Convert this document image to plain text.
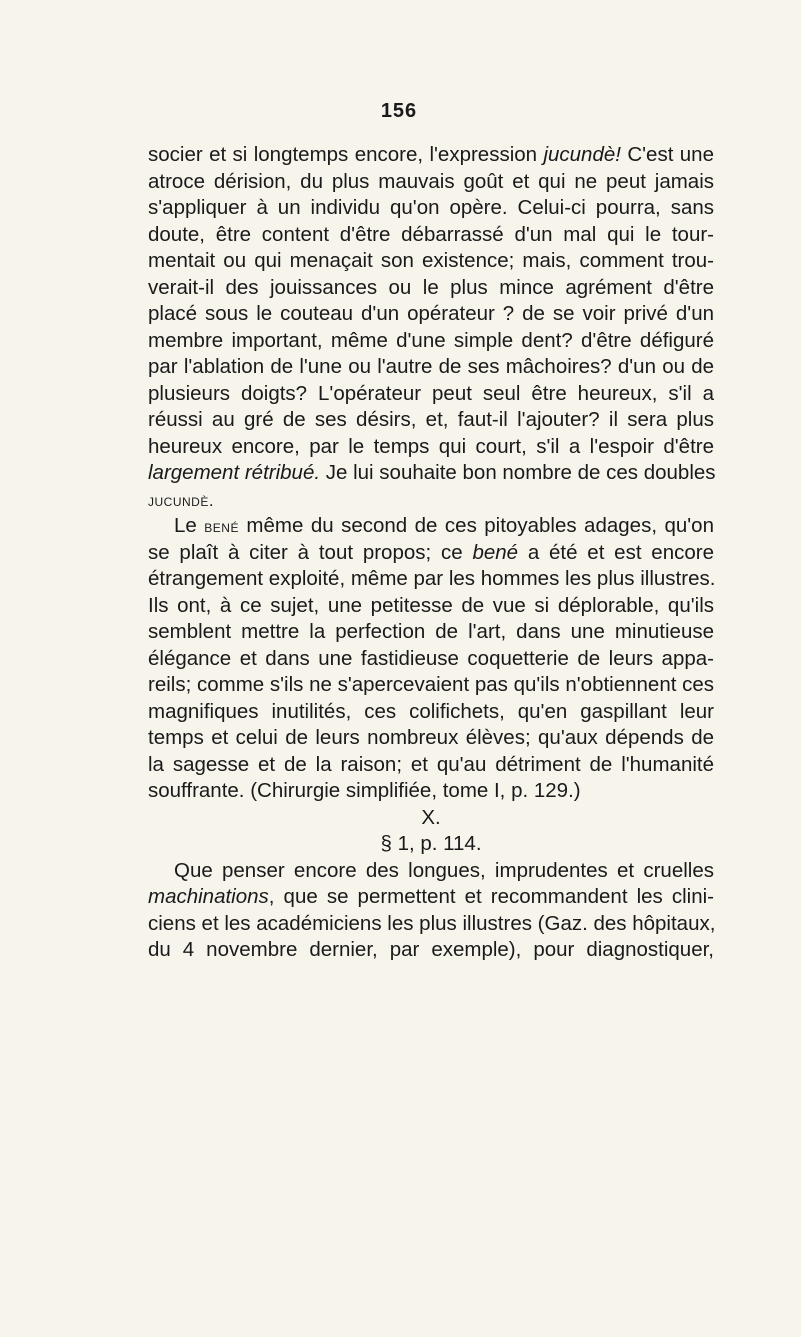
156
socier et si longtemps encore, l'expression jucundè! C'est une
atroce dérision, du plus mauvais goût et qui ne peut jamais
s'appliquer à un individu qu'on opère. Celui-ci pourra, sans
doute, être content d'être débarrassé d'un mal qui le tour-
mentait ou qui menaçait son existence; mais, comment trou-
verait-il des jouissances ou le plus mince agrément d'être
placé sous le couteau d'un opérateur ? de se voir privé d'un
membre important, même d'une simple dent? d'être défiguré
par l'ablation de l'une ou l'autre de ses mâchoires? d'un ou de
plusieurs doigts? L'opérateur peut seul être heureux, s'il a
réussi au gré de ses désirs, et, faut-il l'ajouter? il sera plus
heureux encore, par le temps qui court, s'il a l'espoir d'être
largement rétribué. Je lui souhaite bon nombre de ces doubles
jucundè.
Le bené même du second de ces pitoyables adages, qu'on
se plaît à citer à tout propos; ce bené a été et est encore
étrangement exploité, même par les hommes les plus illustres.
Ils ont, à ce sujet, une petitesse de vue si déplorable, qu'ils
semblent mettre la perfection de l'art, dans une minutieuse
élégance et dans une fastidieuse coquetterie de leurs appa-
reils; comme s'ils ne s'apercevaient pas qu'ils n'obtiennent ces
magnifiques inutilités, ces colifichets, qu'en gaspillant leur
temps et celui de leurs nombreux élèves; qu'aux dépends de
la sagesse et de la raison; et qu'au détriment de l'humanité
souffrante. (Chirurgie simplifiée, tome I, p. 129.)
X.
§ 1, p. 114.
Que penser encore des longues, imprudentes et cruelles
machinations, que se permettent et recommandent les clini-
ciens et les académiciens les plus illustres (Gaz. des hôpitaux,
du 4 novembre dernier, par exemple), pour diagnostiquer,
